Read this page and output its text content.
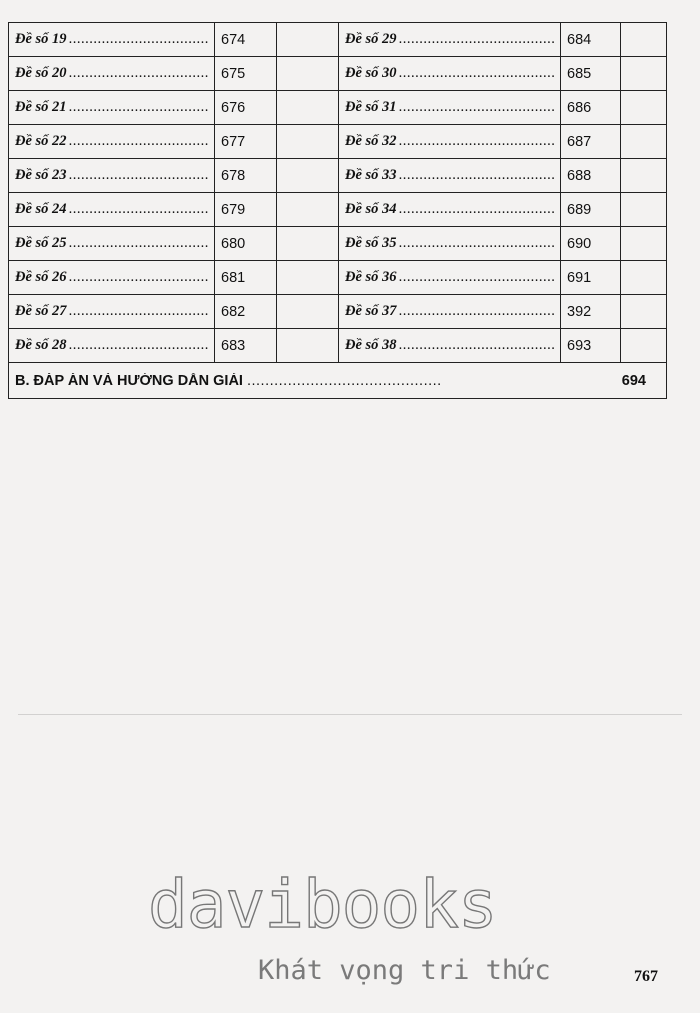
Đề số 19 .....	674		Đề số 29 .....	684	

Đề số 20 .....	675		Đề số 30 .....	685	

Đề số 21 .....	676		Đề số 31 .....	686	

Đề số 22 .....	677		Đề số 32 .....	687	

Đề số 23 .....	678		Đề số 33 .....	688	

Đề số 24 .....	679		Đề số 34 .....	689	

Đề số 25 .....	680		Đề số 35 .....	690	

Đề số 26 .....	681		Đề số 36 .....	691	

Đề số 27 .....	682		Đề số 37 .....	392	

Đề số 28 .....	683		Đề số 38 .....	693	

B. ĐÁP ÁN VÀ HƯỚNG DẪN GIẢI ........................................... 694					
davibooks
Khát vọng tri thức	767
